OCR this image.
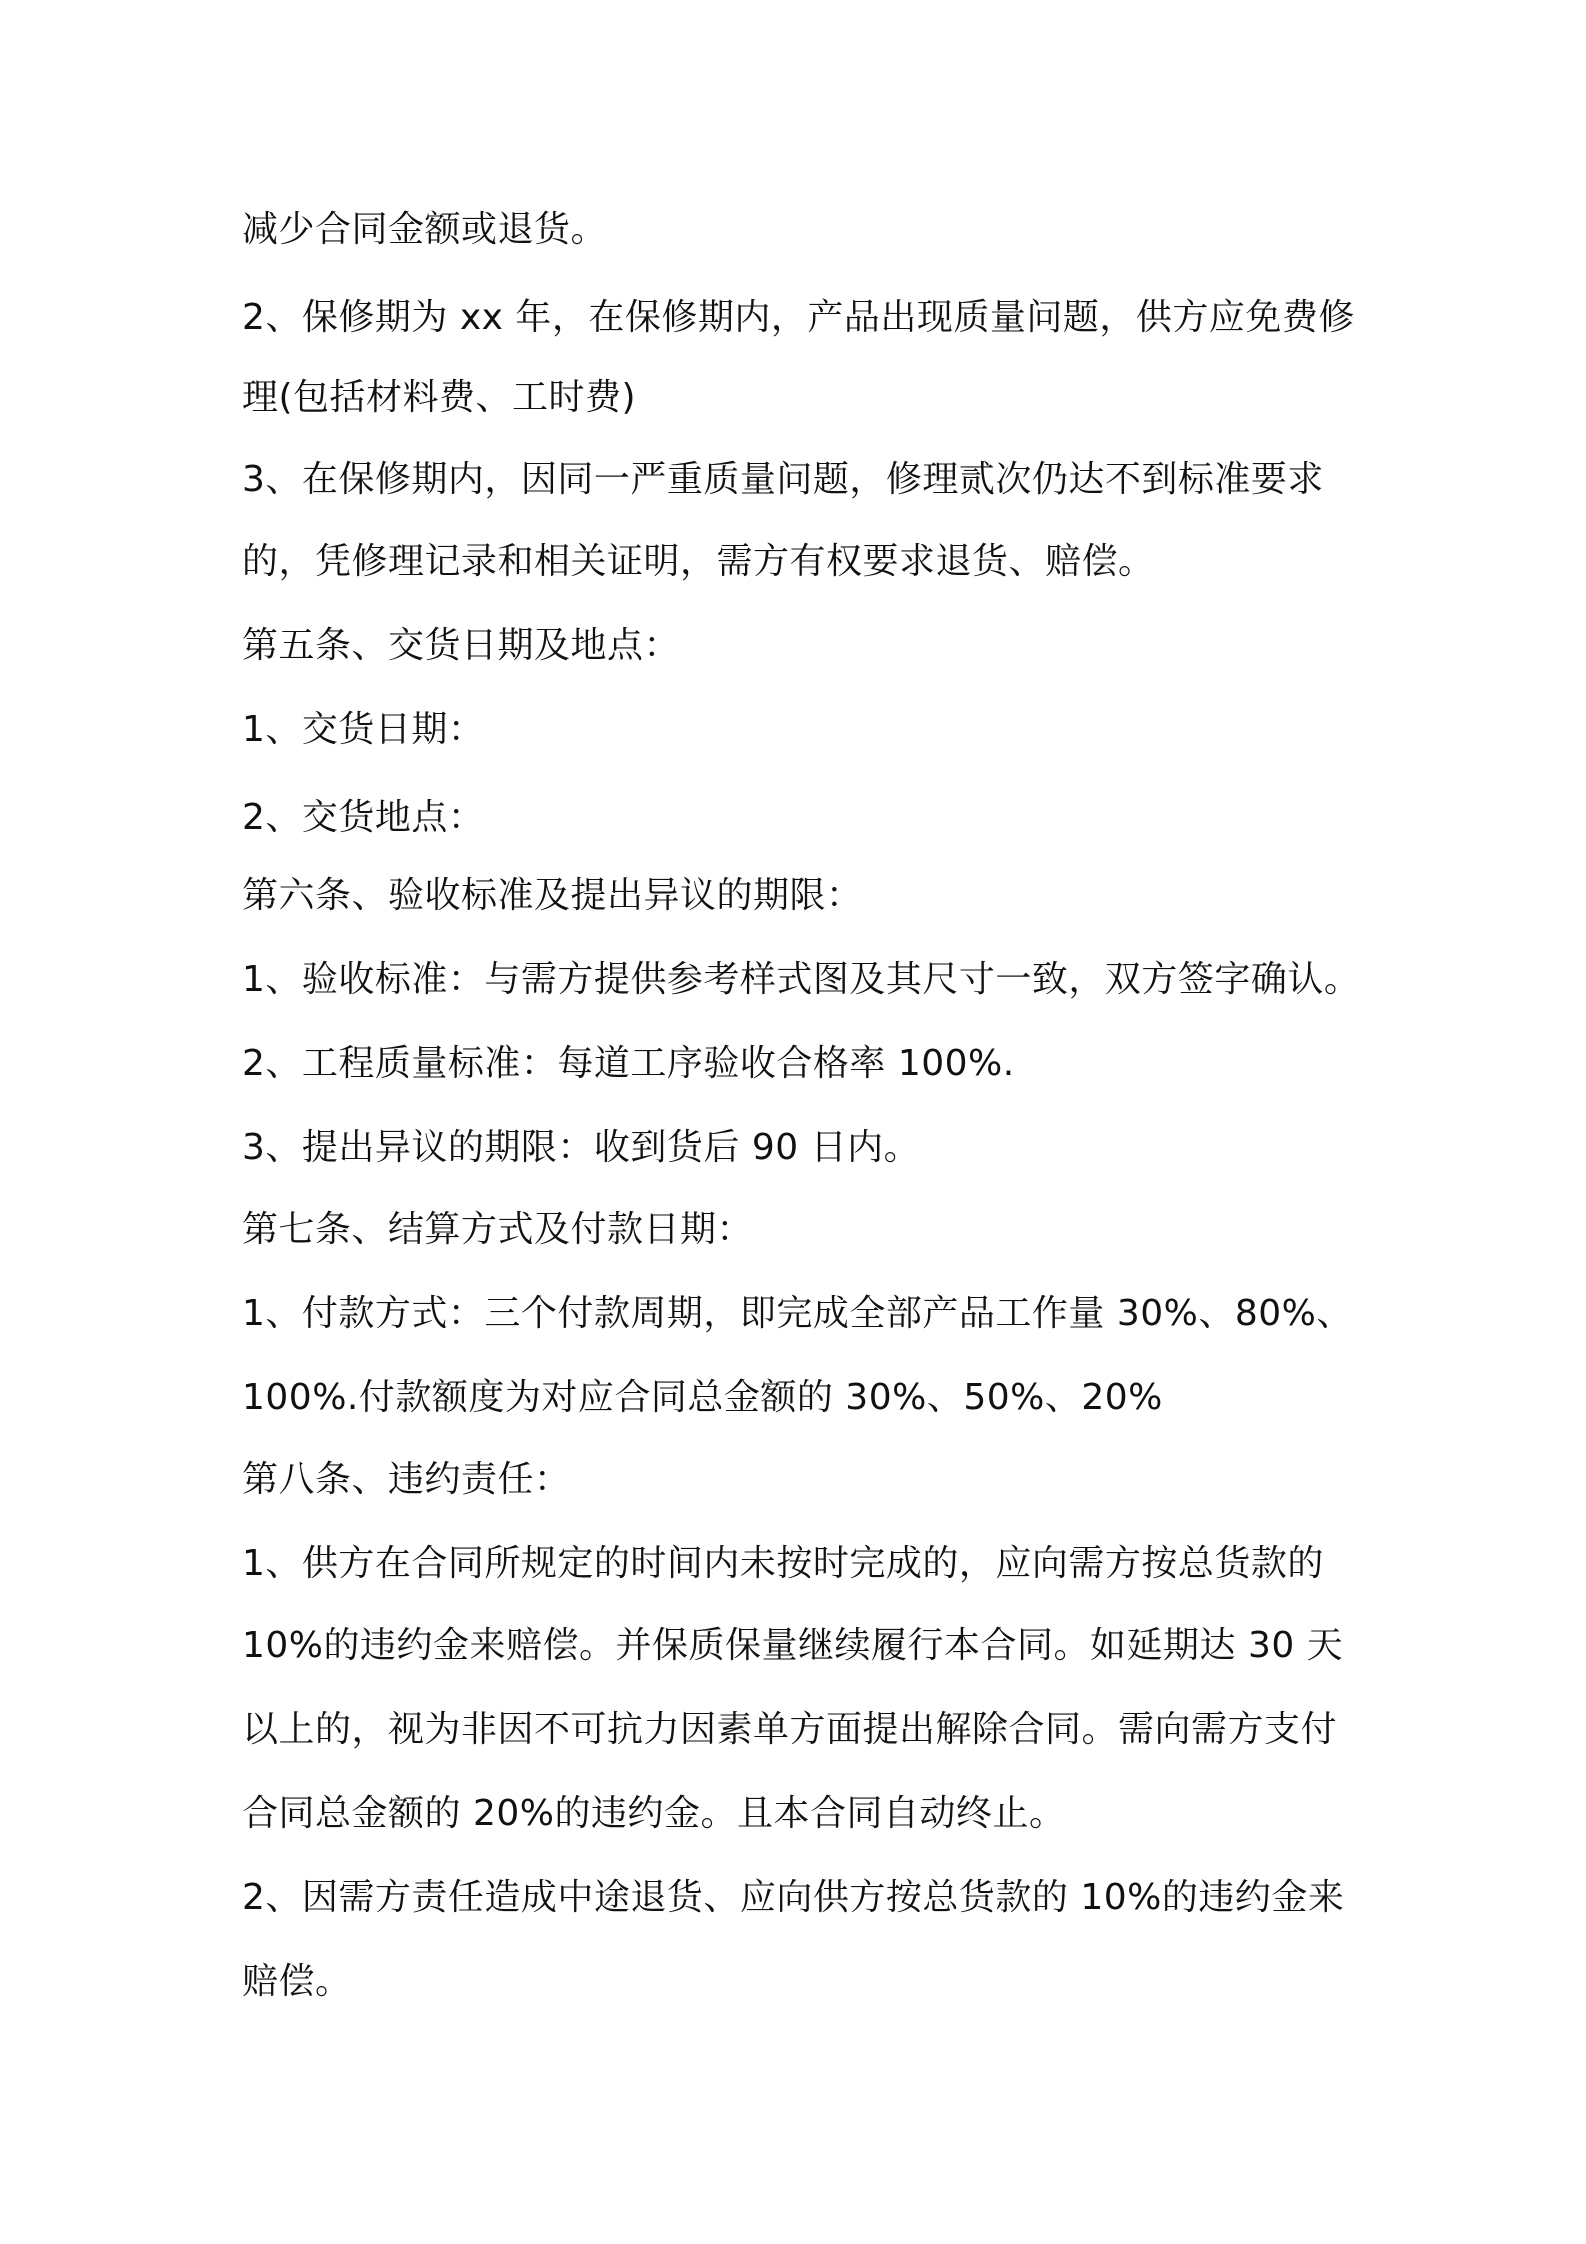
减少合同金额或退货。
2、保修期为 xx 年，在保修期内，产品出现质量问题，供方应免费修
理(包括材料费、工时费)
3、在保修期内，因同一严重质量问题，修理贰次仍达不到标准要求
的，凭修理记录和相关证明，需方有权要求退货、赔偿。
第五条、交货日期及地点：
1、交货日期：
2、交货地点：
第六条、验收标准及提出异议的期限：
1、验收标准：与需方提供参考样式图及其尺寸一致，双方签字确认。
2、工程质量标准：每道工序验收合格率 100%.
3、提出异议的期限：收到货后 90 日内。
第七条、结算方式及付款日期：
1、付款方式：三个付款周期，即完成全部产品工作量 30%、80%、
100%.付款额度为对应合同总金额的 30%、50%、20%
第八条、违约责任：
1、供方在合同所规定的时间内未按时完成的，应向需方按总货款的
10%的违约金来赔偿。并保质保量继续履行本合同。如延期达 30 天
以上的，视为非因不可抗力因素单方面提出解除合同。需向需方支付
合同总金额的 20%的违约金。且本合同自动终止。
2、因需方责任造成中途退货、应向供方按总货款的 10%的违约金来
赔偿。
